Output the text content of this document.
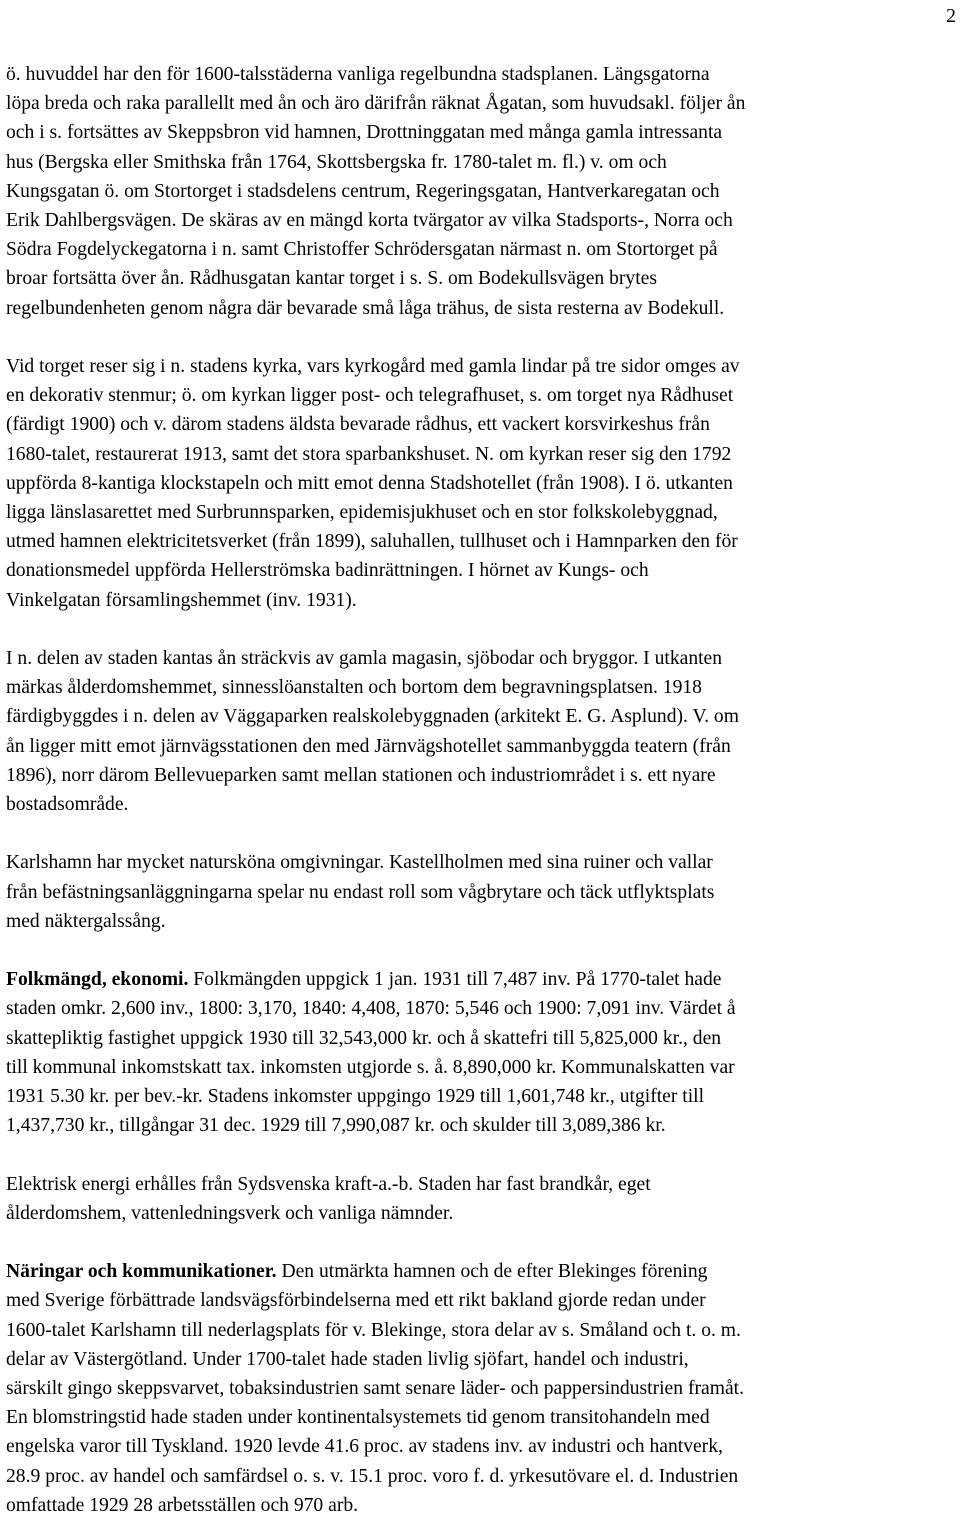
2

ö. huvuddel har den för 1600-talsstäderna vanliga regelbundna stadsplanen. Längsgatorna
löpa breda och raka parallellt med ån och äro därifrån räknat Ågatan, som huvudsakl. följer ån
och i s. fortsättes av Skeppsbron vid hamnen, Drottninggatan med många gamla intressanta
hus (Bergska eller Smithska från 1764, Skottsbergska fr. 1780-talet m. fl.) v. om och
Kungsgatan ö. om Stortorget i stadsdelens centrum, Regeringsgatan, Hantverkaregatan och
Erik Dahlbergsvägen. De skäras av en mängd korta tvärgator av vilka Stadsports-, Norra och
Södra Fogdelyckegatorna i n. samt Christoffer Schrödersgatan närmast n. om Stortorget på
broar fortsätta över ån. Rådhusgatan kantar torget i s. S. om Bodekullsvägen brytes
regelbundenheten genom några där bevarade små låga trähus, de sista resterna av Bodekull.

Vid torget reser sig i n. stadens kyrka, vars kyrkogård med gamla lindar på tre sidor omges av
en dekorativ stenmur; ö. om kyrkan ligger post- och telegrafhuset, s. om torget nya Rådhuset
(färdigt 1900) och v. därom stadens äldsta bevarade rådhus, ett vackert korsvirkeshus från
1680-talet, restaurerat 1913, samt det stora sparbankshuset. N. om kyrkan reser sig den 1792
uppförda 8-kantiga klockstapeln och mitt emot denna Stadshotellet (från 1908). I ö. utkanten
ligga länslasarettet med Surbrunnsparken, epidemisjukhuset och en stor folkskolebyggnad,
utmed hamnen elektricitetsverket (från 1899), saluhallen, tullhuset och i Hamnparken den för
donationsmedel uppförda Hellerströmska badinrättningen. I hörnet av Kungs- och
Vinkelgatan församlingshemmet (inv. 1931).

I n. delen av staden kantas ån sträckvis av gamla magasin, sjöbodar och bryggor. I utkanten
märkas ålderdomshemmet, sinnesslöanstalten och bortom dem begravningsplatsen. 1918
färdigbyggdes i n. delen av Väggaparken realskolebyggnaden (arkitekt E. G. Asplund). V. om
ån ligger mitt emot järnvägsstationen den med Järnvägshotellet sammanbyggda teatern (från
1896), norr därom Bellevueparken samt mellan stationen och industriområdet i s. ett nyare
bostadsområde.

Karlshamn har mycket natursköna omgivningar. Kastellholmen med sina ruiner och vallar
från befästningsanläggningarna spelar nu endast roll som vågbrytare och täck utflyktsplats
med näktergalssång.

Folkmängd, ekonomi. Folkmängden uppgick 1 jan. 1931 till 7,487 inv. På 1770-talet hade
staden omkr. 2,600 inv., 1800: 3,170, 1840: 4,408, 1870: 5,546 och 1900: 7,091 inv. Värdet å
skattepliktig fastighet uppgick 1930 till 32,543,000 kr. och å skattefri till 5,825,000 kr., den
till kommunal inkomstskatt tax. inkomsten utgjorde s. å. 8,890,000 kr. Kommunalskatten var
1931 5.30 kr. per bev.-kr. Stadens inkomster uppgingo 1929 till 1,601,748 kr., utgifter till
1,437,730 kr., tillgångar 31 dec. 1929 till 7,990,087 kr. och skulder till 3,089,386 kr.

Elektrisk energi erhålles från Sydsvenska kraft-a.-b. Staden har fast brandkår, eget
ålderdomshem, vattenledningsverk och vanliga nämnder.

Näringar och kommunikationer. Den utmärkta hamnen och de efter Blekinges förening
med Sverige förbättrade landsvägsförbindelserna med ett rikt bakland gjorde redan under
1600-talet Karlshamn till nederlagsplats för v. Blekinge, stora delar av s. Småland och t. o. m.
delar av Västergötland. Under 1700-talet hade staden livlig sjöfart, handel och industri,
särskilt gingo skeppsvarvet, tobaksindustrien samt senare läder- och pappersindustrien framåt.
En blomstringstid hade staden under kontinentalsystemets tid genom transitohandeln med
engelska varor till Tyskland. 1920 levde 41.6 proc. av stadens inv. av industri och hantverk,
28.9 proc. av handel och samfärdsel o. s. v. 15.1 proc. voro f. d. yrkesutövare el. d. Industrien
omfattade 1929 28 arbetsställen och 970 arb.
